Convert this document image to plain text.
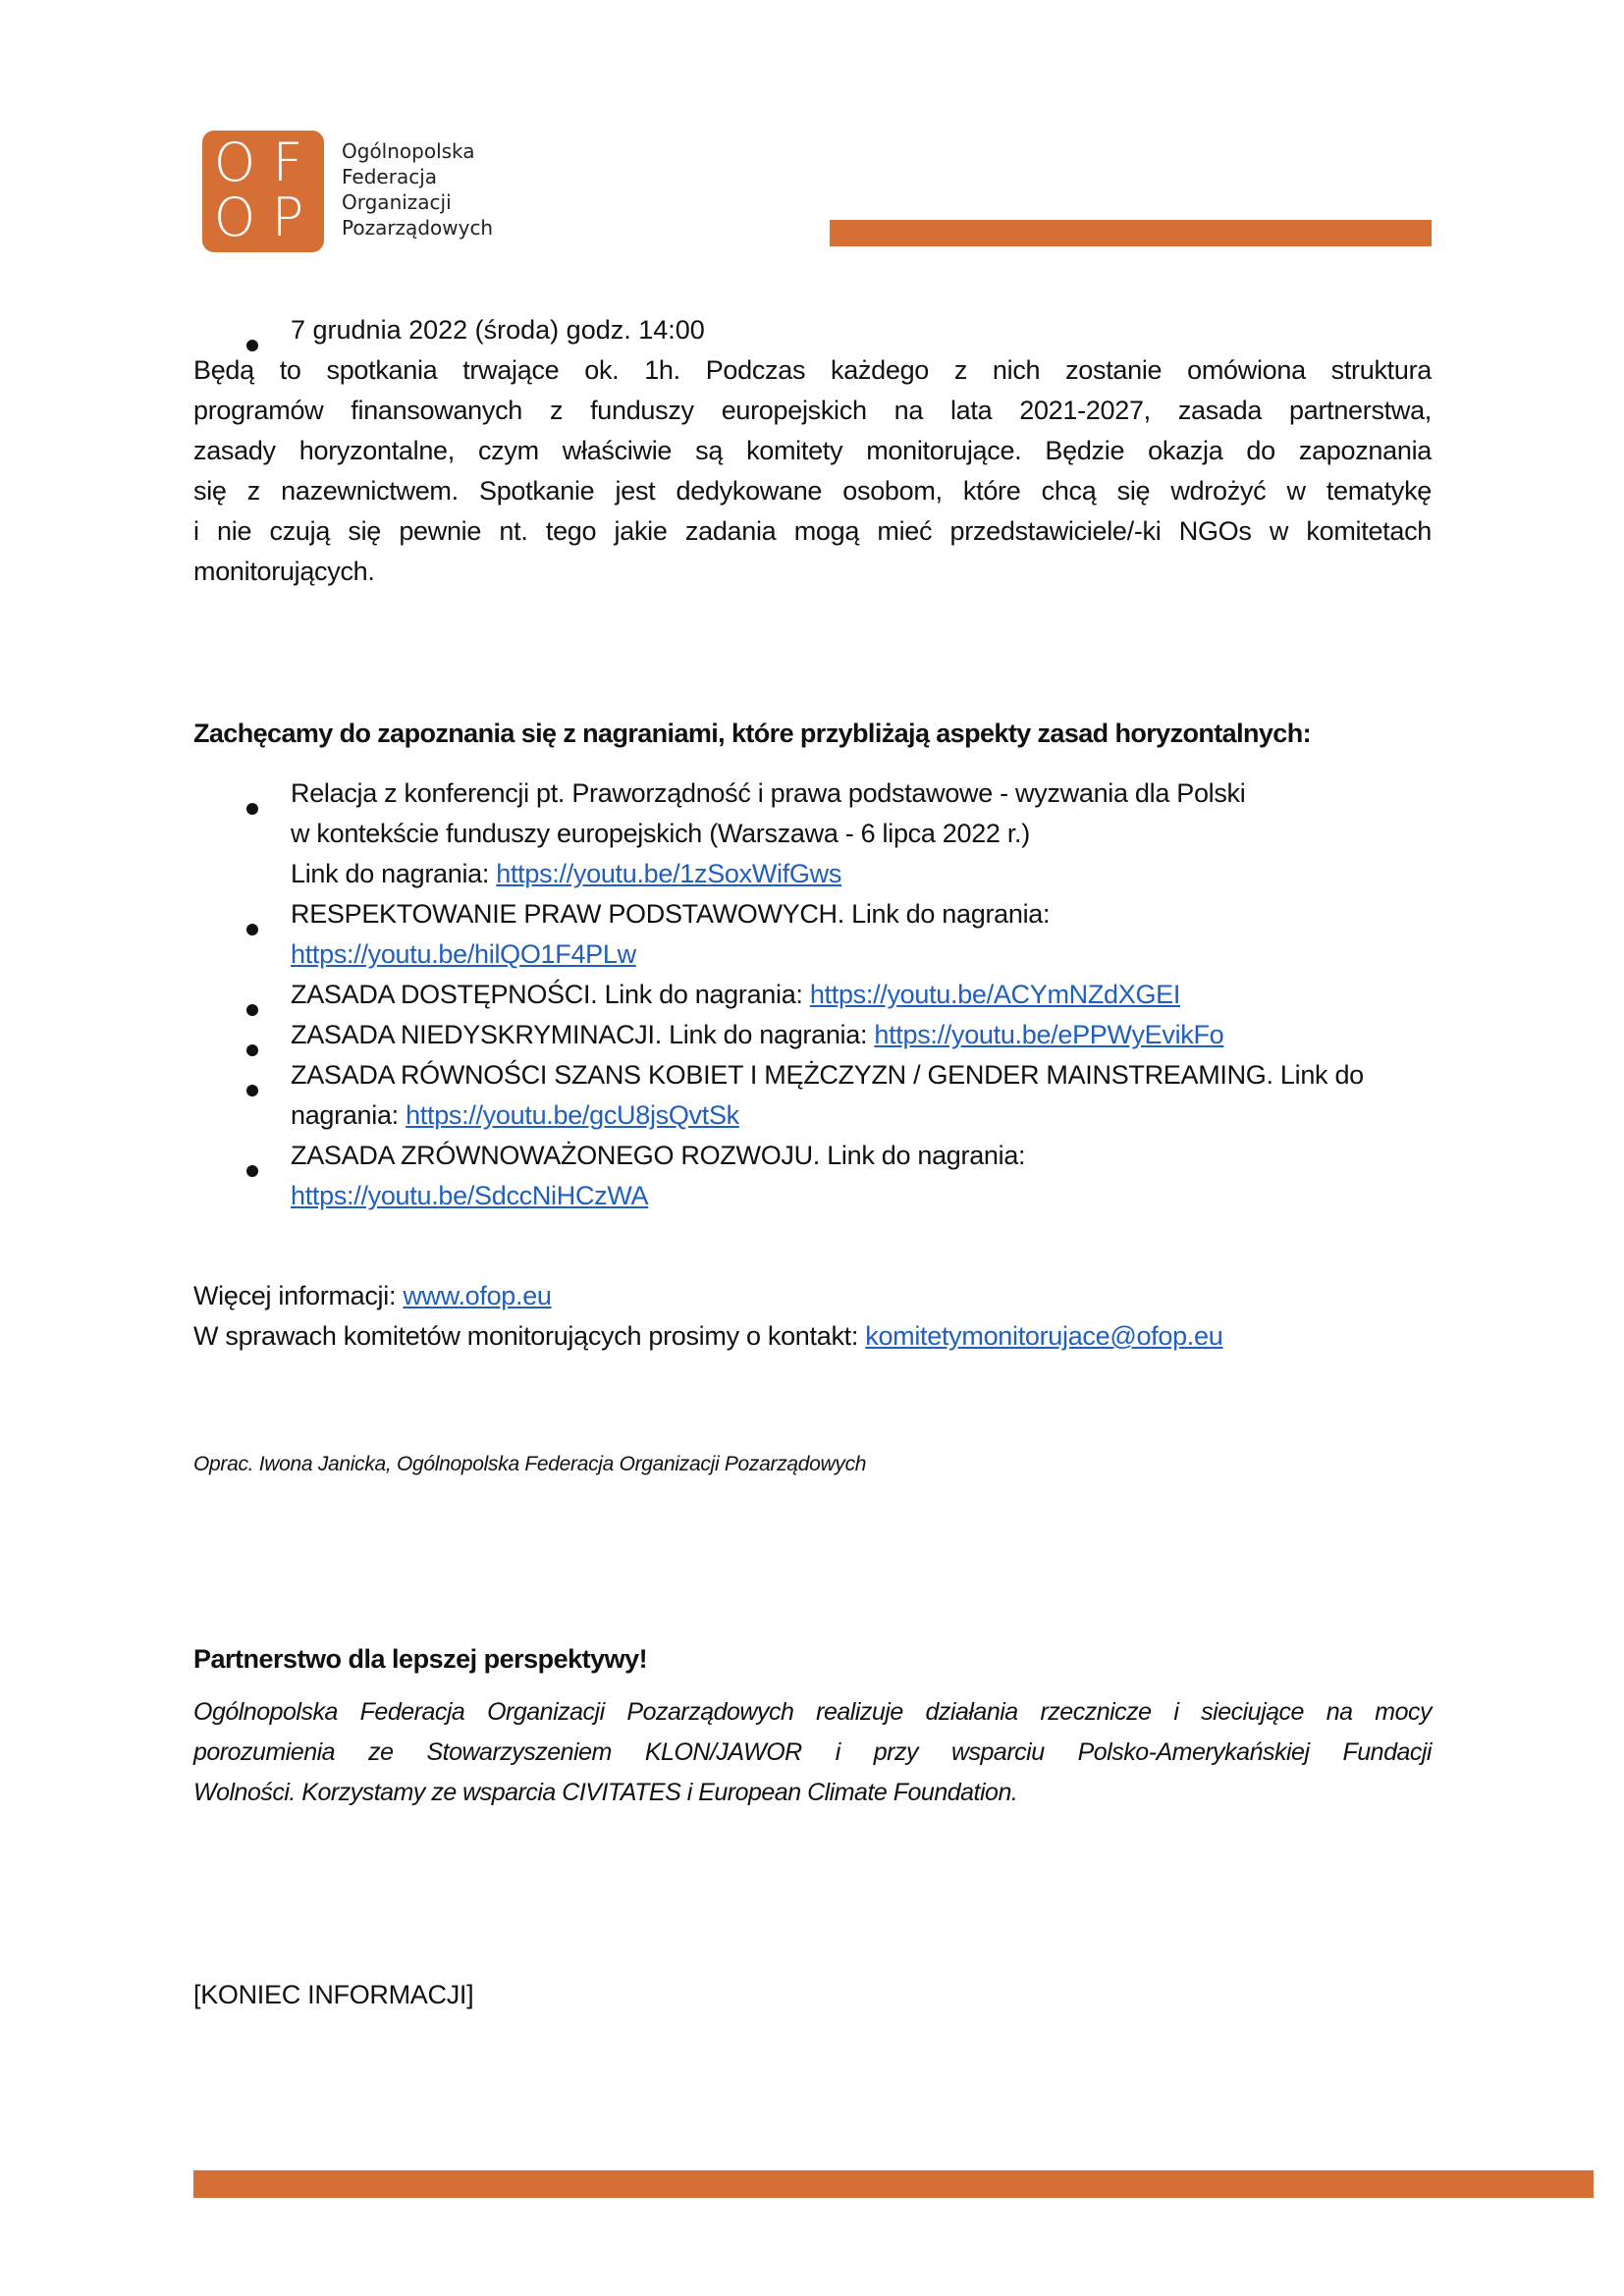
O F
O P
Ogólnopolska
Federacja
Organizacji
Pozarządowych
7 grudnia 2022 (środa) godz. 14:00
Będą to spotkania trwające ok. 1h. Podczas każdego z nich zostanie omówiona struktura
programów finansowanych z funduszy europejskich na lata 2021-2027, zasada partnerstwa,
zasady horyzontalne, czym właściwie są komitety monitorujące. Będzie okazja do zapoznania
się z nazewnictwem. Spotkanie jest dedykowane osobom, które chcą się wdrożyć w tematykę
i nie czują się pewnie nt. tego jakie zadania mogą mieć przedstawiciele/-ki NGOs w komitetach
monitorujących.
Zachęcamy do zapoznania się z nagraniami, które przybliżają aspekty zasad horyzontalnych:
Relacja z konferencji pt. Praworządność i prawa podstawowe - wyzwania dla Polski
w kontekście funduszy europejskich (Warszawa - 6 lipca 2022 r.)
Link do nagrania: https://youtu.be/1zSoxWifGws
RESPEKTOWANIE PRAW PODSTAWOWYCH. Link do nagrania:
https://youtu.be/hilQO1F4PLw
ZASADA DOSTĘPNOŚCI. Link do nagrania: https://youtu.be/ACYmNZdXGEI
ZASADA NIEDYSKRYMINACJI. Link do nagrania: https://youtu.be/ePPWyEvikFo
ZASADA RÓWNOŚCI SZANS KOBIET I MĘŻCZYZN / GENDER MAINSTREAMING. Link do
nagrania: https://youtu.be/gcU8jsQvtSk
ZASADA ZRÓWNOWAŻONEGO ROZWOJU. Link do nagrania:
https://youtu.be/SdccNiHCzWA
Więcej informacji: www.ofop.eu
W sprawach komitetów monitorujących prosimy o kontakt: komitetymonitorujace@ofop.eu
Oprac. Iwona Janicka, Ogólnopolska Federacja Organizacji Pozarządowych
Partnerstwo dla lepszej perspektywy!
Ogólnopolska Federacja Organizacji Pozarządowych realizuje działania rzecznicze i sieciujące na mocy
porozumienia ze Stowarzyszeniem KLON/JAWOR i przy wsparciu Polsko-Amerykańskiej Fundacji
Wolności. Korzystamy ze wsparcia CIVITATES i European Climate Foundation.
[KONIEC INFORMACJI]
